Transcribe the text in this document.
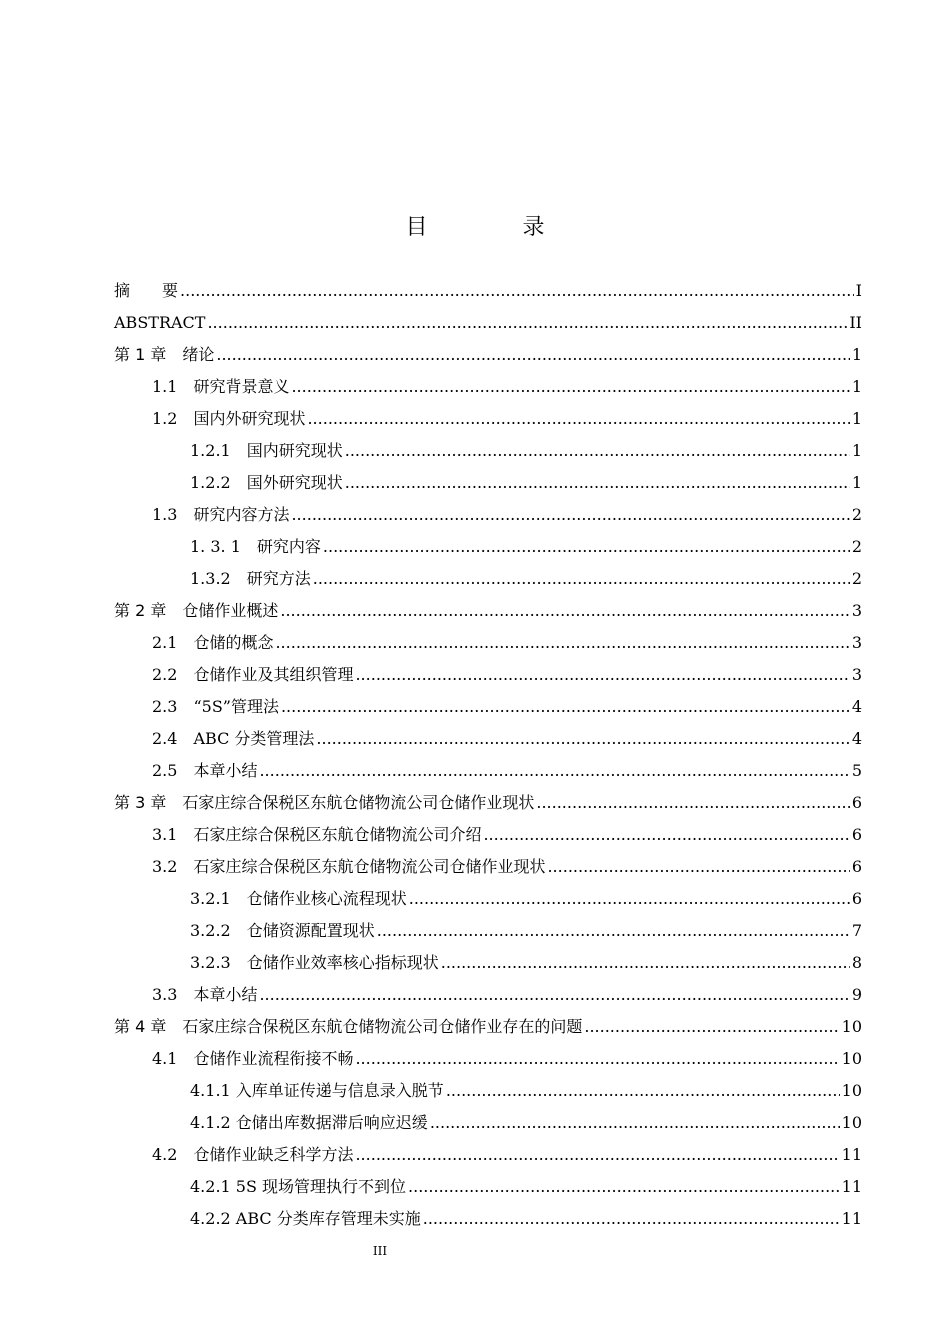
目 录
摘　　要 .....	I
ABSTRACT .....	II
第 1 章　 绪论 .....	1
1.1　 研究背景意义 .....	1
1.2　 国内外研究现状 .....	1
1.2.1　 国内研究现状 .....	1
1.2.2　 国外研究现状 .....	1
1.3　 研究内容方法 .....	2
1. 3. 1　 研究内容 .....	2
1.3.2　 研究方法 .....	2
第 2 章　 仓储作业概述 .....	3
2.1　 仓储的概念 .....	3
2.2　 仓储作业及其组织管理 .....	3
2.3　 “5S”管理法 .....	4
2.4　 ABC 分类管理法 .....	4
2.5　 本章小结 .....	5
第 3 章　 石家庄综合保税区东航仓储物流公司仓储作业现状 .....	6
3.1　 石家庄综合保税区东航仓储物流公司介绍 .....	6
3.2　 石家庄综合保税区东航仓储物流公司仓储作业现状 .....	6
3.2.1　 仓储作业核心流程现状 .....	6
3.2.2　 仓储资源配置现状 .....	7
3.2.3　 仓储作业效率核心指标现状 .....	8
3.3　 本章小结 .....	9
第 4 章　 石家庄综合保税区东航仓储物流公司仓储作业存在的问题 .....	10
4.1　 仓储作业流程衔接不畅 .....	10
4.1.1 入库单证传递与信息录入脱节 .....	10
4.1.2 仓储出库数据滞后响应迟缓 .....	10
4.2　 仓储作业缺乏科学方法 .....	11
4.2.1 5S 现场管理执行不到位 .....	11
4.2.2 ABC 分类库存管理未实施 .....	11
III
